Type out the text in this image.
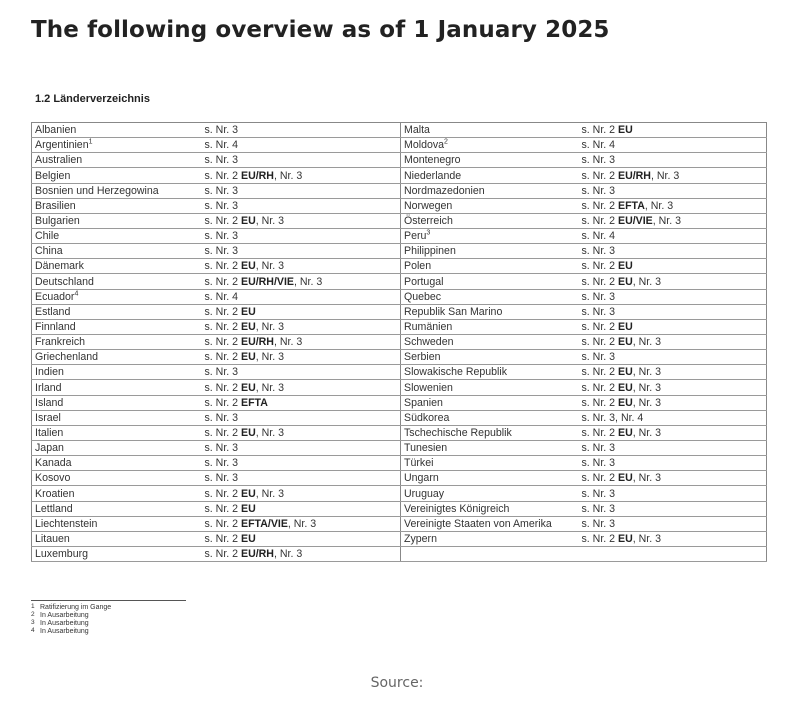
The following overview as of 1 January 2025
1.2 Länderverzeichnis
Albanien	s. Nr. 3	Malta	s. Nr. 2 EU
Argentinien$^1$	s. Nr. 4	Moldova$^2$	s. Nr. 4
Australien	s. Nr. 3	Montenegro	s. Nr. 3
Belgien	s. Nr. 2 EU/RH, Nr. 3	Niederlande	s. Nr. 2 EU/RH, Nr. 3
Bosnien und Herzegowina	s. Nr. 3	Nordmazedonien	s. Nr. 3
Brasilien	s. Nr. 3	Norwegen	s. Nr. 2 EFTA, Nr. 3
Bulgarien	s. Nr. 2 EU, Nr. 3	Österreich	s. Nr. 2 EU/VIE, Nr. 3
Chile	s. Nr. 3	Peru$^3$	s. Nr. 4
China	s. Nr. 3	Philippinen	s. Nr. 3
Dänemark	s. Nr. 2 EU, Nr. 3	Polen	s. Nr. 2 EU
Deutschland	s. Nr. 2 EU/RH/VIE, Nr. 3	Portugal	s. Nr. 2 EU, Nr. 3
Ecuador$^4$	s. Nr. 4	Quebec	s. Nr. 3
Estland	s. Nr. 2 EU	Republik San Marino	s. Nr. 3
Finnland	s. Nr. 2 EU, Nr. 3	Rumänien	s. Nr. 2 EU
Frankreich	s. Nr. 2 EU/RH, Nr. 3	Schweden	s. Nr. 2 EU, Nr. 3
Griechenland	s. Nr. 2 EU, Nr. 3	Serbien	s. Nr. 3
Indien	s. Nr. 3	Slowakische Republik	s. Nr. 2 EU, Nr. 3
Irland	s. Nr. 2 EU, Nr. 3	Slowenien	s. Nr. 2 EU, Nr. 3
Island	s. Nr. 2 EFTA	Spanien	s. Nr. 2 EU, Nr. 3
Israel	s. Nr. 3	Südkorea	s. Nr. 3, Nr. 4
Italien	s. Nr. 2 EU, Nr. 3	Tschechische Republik	s. Nr. 2 EU, Nr. 3
Japan	s. Nr. 3	Tunesien	s. Nr. 3
Kanada	s. Nr. 3	Türkei	s. Nr. 3
Kosovo	s. Nr. 3	Ungarn	s. Nr. 2 EU, Nr. 3
Kroatien	s. Nr. 2 EU, Nr. 3	Uruguay	s. Nr. 3
Lettland	s. Nr. 2 EU	Vereinigtes Königreich	s. Nr. 3
Liechtenstein	s. Nr. 2 EFTA/VIE, Nr. 3	Vereinigte Staaten von Amerika	s. Nr. 3
Litauen	s. Nr. 2 EU	Zypern	s. Nr. 2 EU, Nr. 3
Luxemburg	s. Nr. 2 EU/RH, Nr. 3		
1 Ratifizierung im Gange
2 In Ausarbeitung
3 In Ausarbeitung
4 In Ausarbeitung
Source:
